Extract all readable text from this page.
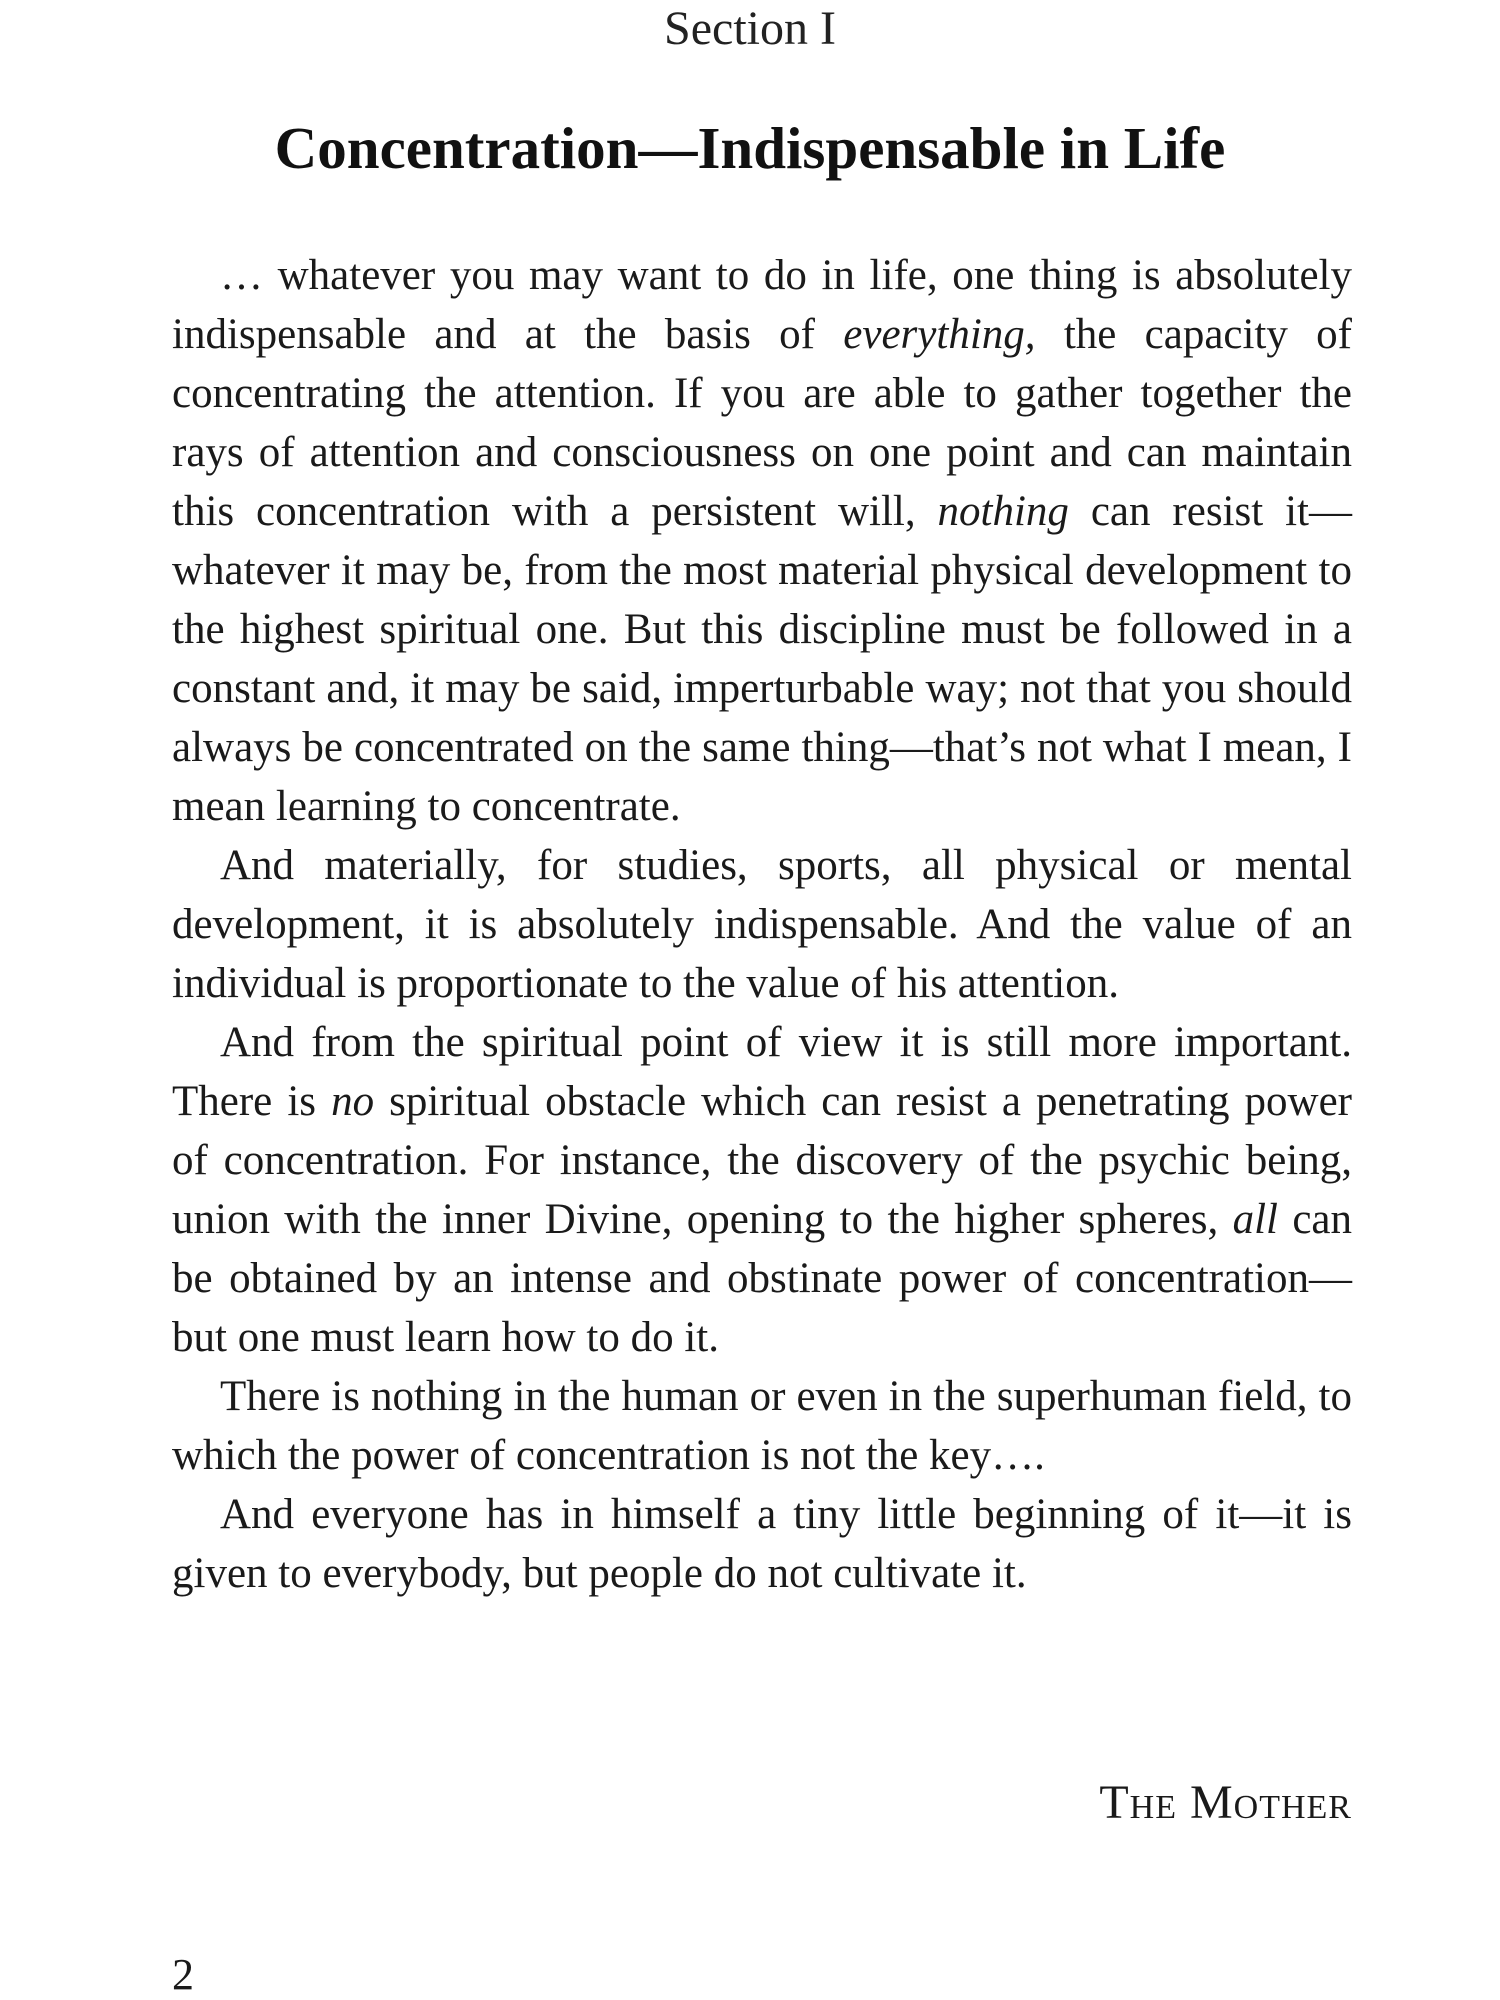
Section I
Concentration—Indispensable in Life

… whatever you may want to do in life, one thing is absolutely indispensable and at the basis of everything, the capacity of concentrating the attention. If you are able to gather together the rays of attention and consciousness on one point and can maintain this concentration with a persistent will, nothing can resist it—whatever it may be, from the most material physical development to the highest spiritual one. But this discipline must be followed in a constant and, it may be said, imperturbable way; not that you should always be concentrated on the same thing—that’s not what I mean, I mean learning to concentrate.

And materially, for studies, sports, all physical or mental development, it is absolutely indispensable. And the value of an individual is proportionate to the value of his attention.

And from the spiritual point of view it is still more important. There is no spiritual obstacle which can resist a penetrating power of concentration. For instance, the discovery of the psychic being, union with the inner Divine, opening to the higher spheres, all can be obtained by an intense and obstinate power of concentration—but one must learn how to do it.

There is nothing in the human or even in the superhuman field, to which the power of concentration is not the key….

And everyone has in himself a tiny little beginning of it—it is given to everybody, but people do not cultivate it.

The Mother
2
